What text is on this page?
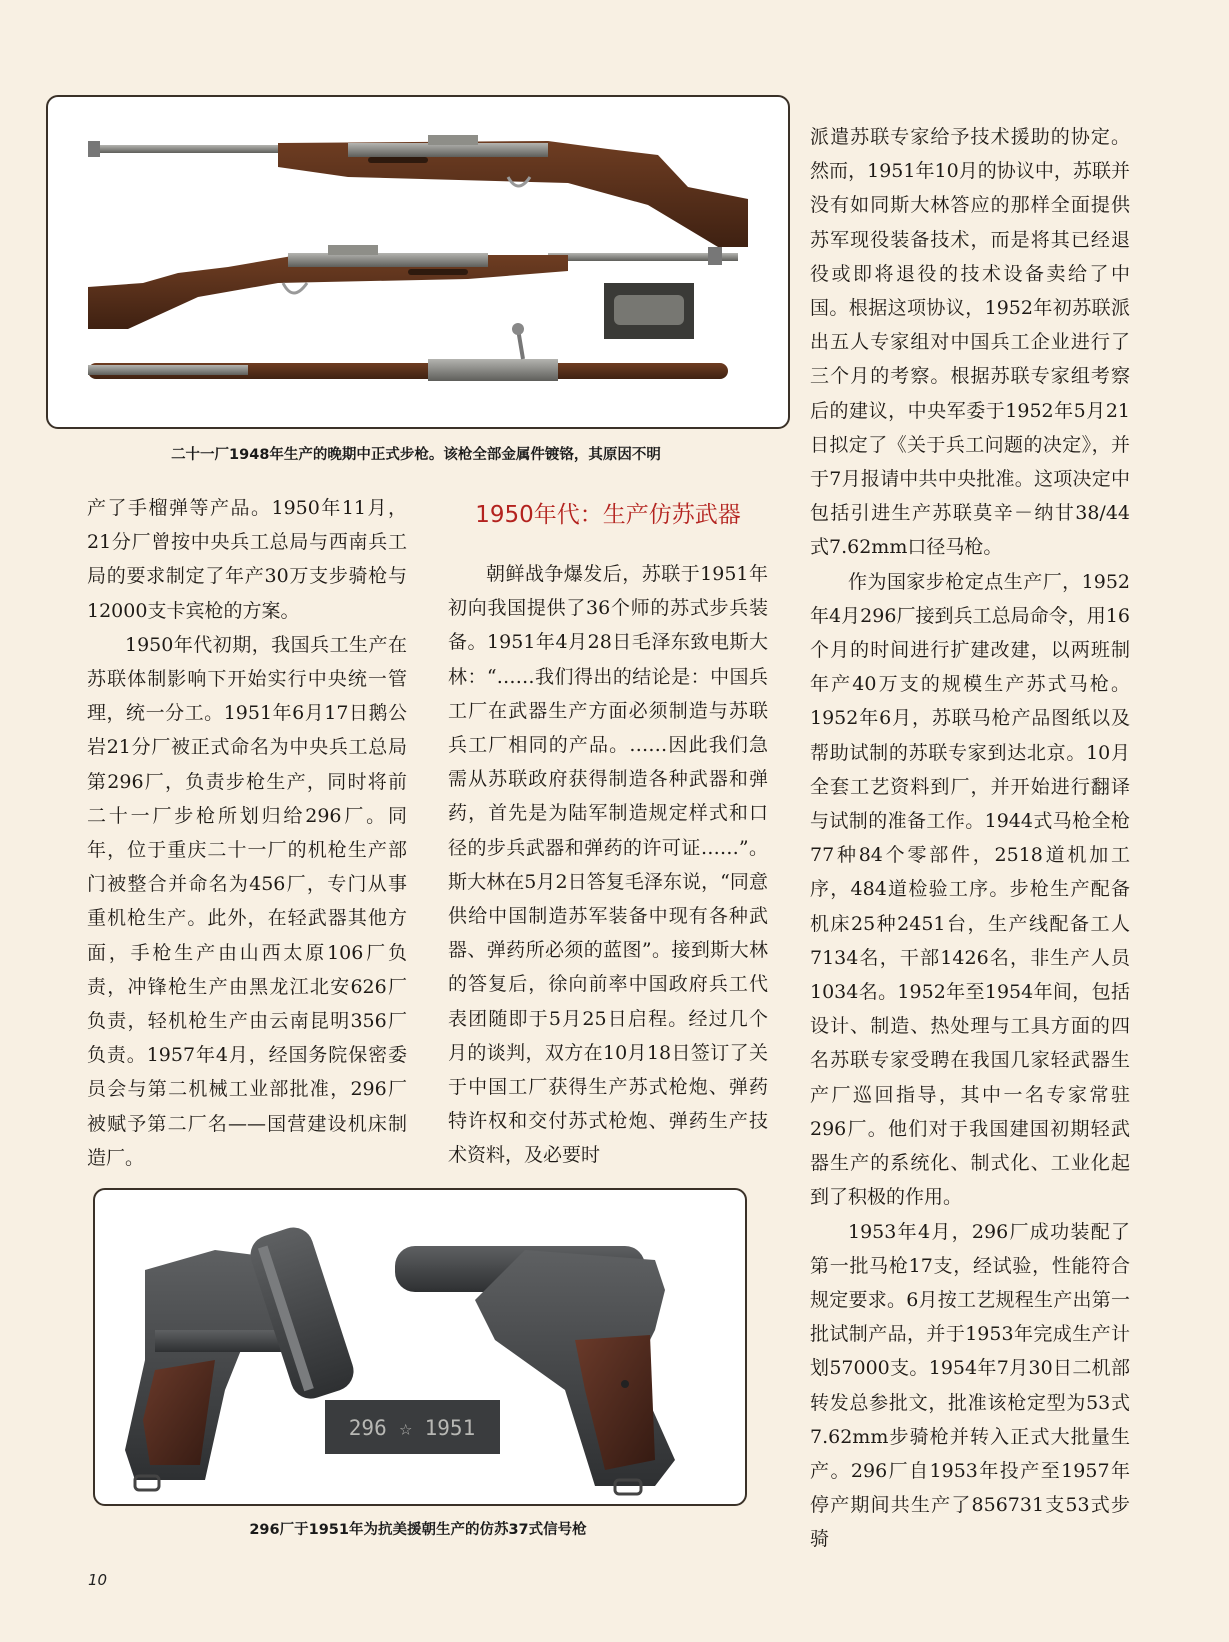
二十一厂1948年生产的晚期中正式步枪。该枪全部金属件镀铬，其原因不明

产了手榴弹等产品。1950年11月，21分厂曾按中央兵工总局与西南兵工局的要求制定了年产30万支步骑枪与12000支卡宾枪的方案。

1950年代初期，我国兵工生产在苏联体制影响下开始实行中央统一管理，统一分工。1951年6月17日鹅公岩21分厂被正式命名为中央兵工总局第296厂，负责步枪生产，同时将前二十一厂步枪所划归给296厂。同年，位于重庆二十一厂的机枪生产部门被整合并命名为456厂，专门从事重机枪生产。此外，在轻武器其他方面，手枪生产由山西太原106厂负责，冲锋枪生产由黑龙江北安626厂负责，轻机枪生产由云南昆明356厂负责。1957年4月，经国务院保密委员会与第二机械工业部批准，296厂被赋予第二厂名——国营建设机床制造厂。

1950年代：生产仿苏武器

朝鲜战争爆发后，苏联于1951年初向我国提供了36个师的苏式步兵装备。1951年4月28日毛泽东致电斯大林：“……我们得出的结论是：中国兵工厂在武器生产方面必须制造与苏联兵工厂相同的产品。……因此我们急需从苏联政府获得制造各种武器和弹药，首先是为陆军制造规定样式和口径的步兵武器和弹药的许可证……”。斯大林在5月2日答复毛泽东说，“同意供给中国制造苏军装备中现有各种武器、弹药所必须的蓝图”。接到斯大林的答复后，徐向前率中国政府兵工代表团随即于5月25日启程。经过几个月的谈判，双方在10月18日签订了关于中国工厂获得生产苏式枪炮、弹药特许权和交付苏式枪炮、弹药生产技术资料，及必要时

派遣苏联专家给予技术援助的协定。然而，1951年10月的协议中，苏联并没有如同斯大林答应的那样全面提供苏军现役装备技术，而是将其已经退役或即将退役的技术设备卖给了中国。根据这项协议，1952年初苏联派出五人专家组对中国兵工企业进行了三个月的考察。根据苏联专家组考察后的建议，中央军委于1952年5月21日拟定了《关于兵工问题的决定》，并于7月报请中共中央批准。这项决定中包括引进生产苏联莫辛－纳甘38/44式7.62mm口径马枪。

作为国家步枪定点生产厂，1952年4月296厂接到兵工总局命令，用16个月的时间进行扩建改建，以两班制年产40万支的规模生产苏式马枪。1952年6月，苏联马枪产品图纸以及帮助试制的苏联专家到达北京。10月全套工艺资料到厂，并开始进行翻译与试制的准备工作。1944式马枪全枪77种84个零部件，2518道机加工序，484道检验工序。步枪生产配备机床25种2451台，生产线配备工人7134名，干部1426名，非生产人员1034名。1952年至1954年间，包括设计、制造、热处理与工具方面的四名苏联专家受聘在我国几家轻武器生产厂巡回指导，其中一名专家常驻296厂。他们对于我国建国初期轻武器生产的系统化、制式化、工业化起到了积极的作用。

1953年4月，296厂成功装配了第一批马枪17支，经试验，性能符合规定要求。6月按工艺规程生产出第一批试制产品，并于1953年完成生产计划57000支。1954年7月30日二机部转发总参批文，批准该枪定型为53式7.62mm步骑枪并转入正式大批量生产。296厂自1953年投产至1957年停产期间共生产了856731支53式步骑

296 ☆ 1951
296厂于1951年为抗美援朝生产的仿苏37式信号枪
10
